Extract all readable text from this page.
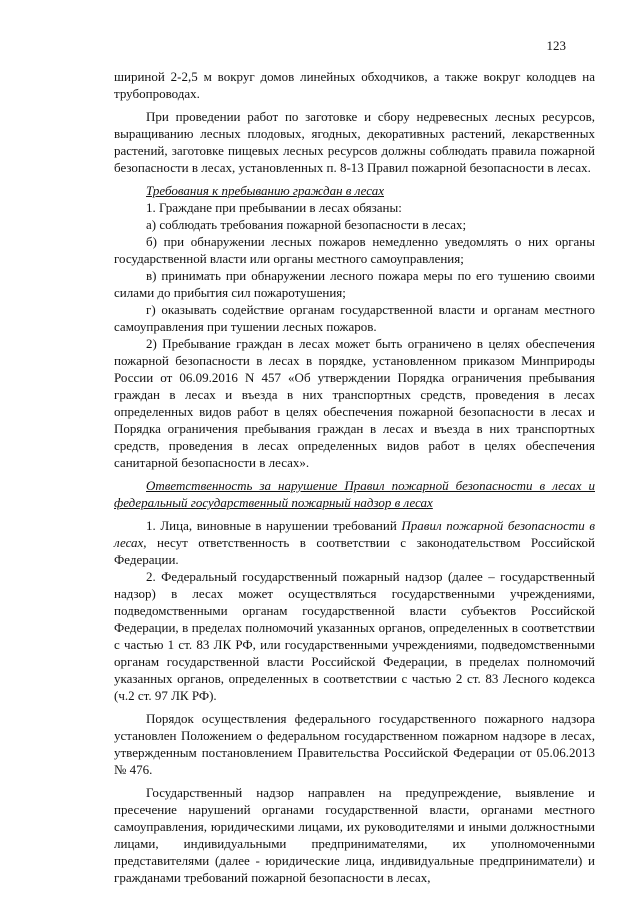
123

шириной 2-2,5 м вокруг домов линейных обходчиков, а также вокруг колодцев на трубопроводах.

При проведении работ по заготовке и сбору недревесных лесных ресурсов, выращиванию лесных плодовых, ягодных, декоративных растений, лекарственных растений, заготовке пищевых лесных ресурсов должны соблюдать правила пожарной безопасности в лесах, установленных п. 8-13 Правил пожарной безопасности в лесах.

Требования к пребыванию граждан в лесах

1. Граждане при пребывании в лесах обязаны:

а) соблюдать требования пожарной безопасности в лесах;

б) при обнаружении лесных пожаров немедленно уведомлять о них органы государственной власти или органы местного самоуправления;

в) принимать при обнаружении лесного пожара меры по его тушению своими силами до прибытия сил пожаротушения;

г) оказывать содействие органам государственной власти и органам местного самоуправления при тушении лесных пожаров.

2) Пребывание граждан в лесах может быть ограничено в целях обеспечения пожарной безопасности в лесах в порядке, установленном приказом Минприроды России от 06.09.2016 N 457 «Об утверждении Порядка ограничения пребывания граждан в лесах и въезда в них транспортных средств, проведения в лесах определенных видов работ в целях обеспечения пожарной безопасности в лесах и Порядка ограничения пребывания граждан в лесах и въезда в них транспортных средств, проведения в лесах определенных видов работ в целях обеспечения санитарной безопасности в лесах».

Ответственность за нарушение Правил пожарной безопасности в лесах и федеральный государственный пожарный надзор в лесах

1. Лица, виновные в нарушении требований Правил пожарной безопасности в лесах, несут ответственность в соответствии с законодательством Российской Федерации.

2. Федеральный государственный пожарный надзор (далее – государственный надзор) в лесах может осуществляться государственными учреждениями, подведомственными органам государственной власти субъектов Российской Федерации, в пределах полномочий указанных органов, определенных в соответствии с частью 1 ст. 83 ЛК РФ, или государственными учреждениями, подведомственными органам государственной власти Российской Федерации, в пределах полномочий указанных органов, определенных в соответствии с частью 2 ст. 83 Лесного кодекса (ч.2 ст. 97 ЛК РФ).

Порядок осуществления федерального государственного пожарного надзора установлен Положением о федеральном государственном пожарном надзоре в лесах, утвержденным постановлением Правительства Российской Федерации от 05.06.2013 № 476.

Государственный надзор направлен на предупреждение, выявление и пресечение нарушений органами государственной власти, органами местного самоуправления, юридическими лицами, их руководителями и иными должностными лицами, индивидуальными предпринимателями, их уполномоченными представителями (далее - юридические лица, индивидуальные предприниматели) и гражданами требований пожарной безопасности в лесах,
